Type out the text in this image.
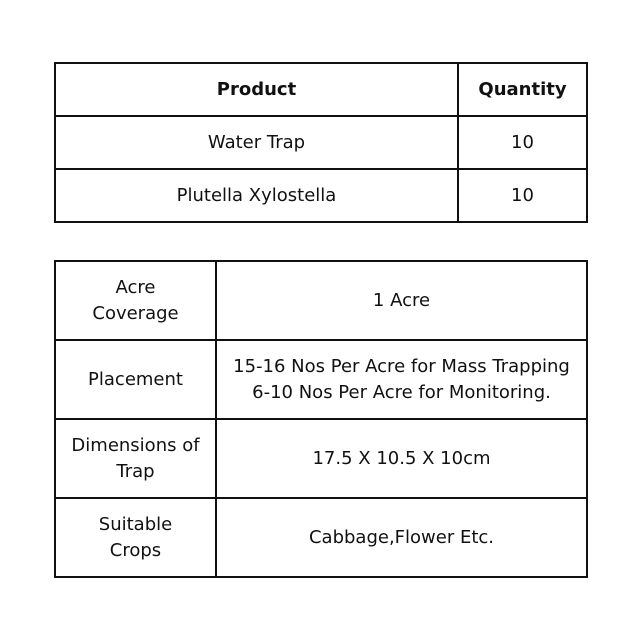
Product	Quantity
Water Trap	10
Plutella Xylostella	10
Acre
Coverage	1 Acre
Placement	15-16 Nos Per Acre for Mass Trapping
6-10 Nos Per Acre for Monitoring.
Dimensions of
Trap	17.5 X 10.5 X 10cm
Suitable
Crops	Cabbage,Flower Etc.
